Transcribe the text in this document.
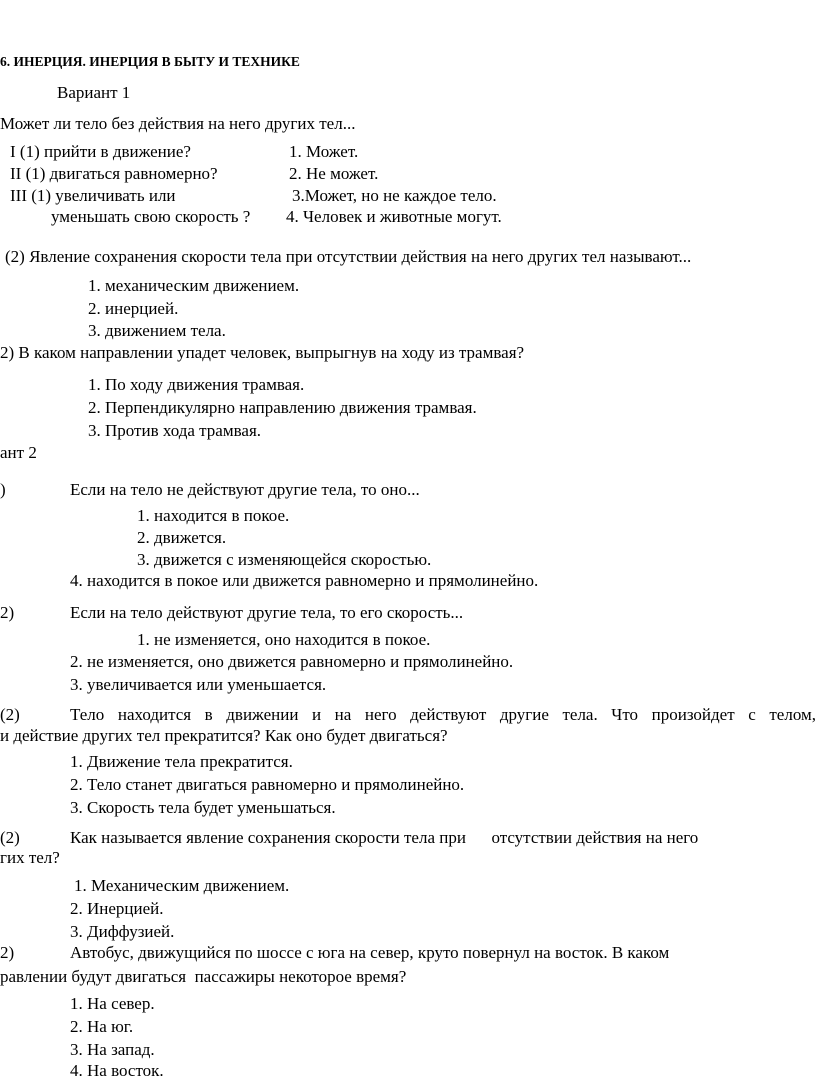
6. ИНЕРЦИЯ. ИНЕРЦИЯ В БЫТУ И ТЕХНИКЕ

Вариант 1

Может ли тело без действия на него других тел...

I (1) прийти в движение?	1. Может.

II (1) двигаться равномерно?	2. Не может.

III (1) увеличивать или	3.Может, но не каждое тело.

уменьшать свою скорость ? 4. Человек и животные могут.

(2) Явление сохранения скорости тела при отсутствии действия на него других тел называют...

1. механическим движением.

2. инерцией.

3. движением тела.

2) В каком направлении упадет человек, выпрыгнув на ходу из трамвая?

1. По ходу движения трамвая.

2. Перпендикулярно направлению движения трамвая.

3. Против хода трамвая.

ант 2

)	Если на тело не действуют другие тела, то оно...

1. находится в покое.

2. движется.

3. движется с изменяющейся скоростью.

4. находится в покое или движется равномерно и прямолинейно.

2)	Если на тело действуют другие тела, то его скорость...

1. не изменяется, оно находится в покое.

2. не изменяется, оно движется равномерно и прямолинейно.

3. увеличивается или уменьшается.

(2)	Тело находится в движении и на него действуют другие тела. Что произойдет с телом,

и действие других тел прекратится? Как оно будет двигаться?

1. Движение тела прекратится.

2. Тело станет двигаться равномерно и прямолинейно.

3. Скорость тела будет уменьшаться.

(2)	Как называется явление сохранения скорости тела при      отсутствии действия на него

гих тел?

1. Механическим движением.

2. Инерцией.

3. Диффузией.

2)	Автобус, движущийся по шоссе с юга на север, круто повернул на восток. В каком

равлении будут двигаться  пассажиры некоторое время?

1. На север.

2. На юг.

3. На запад.

4. На восток.
